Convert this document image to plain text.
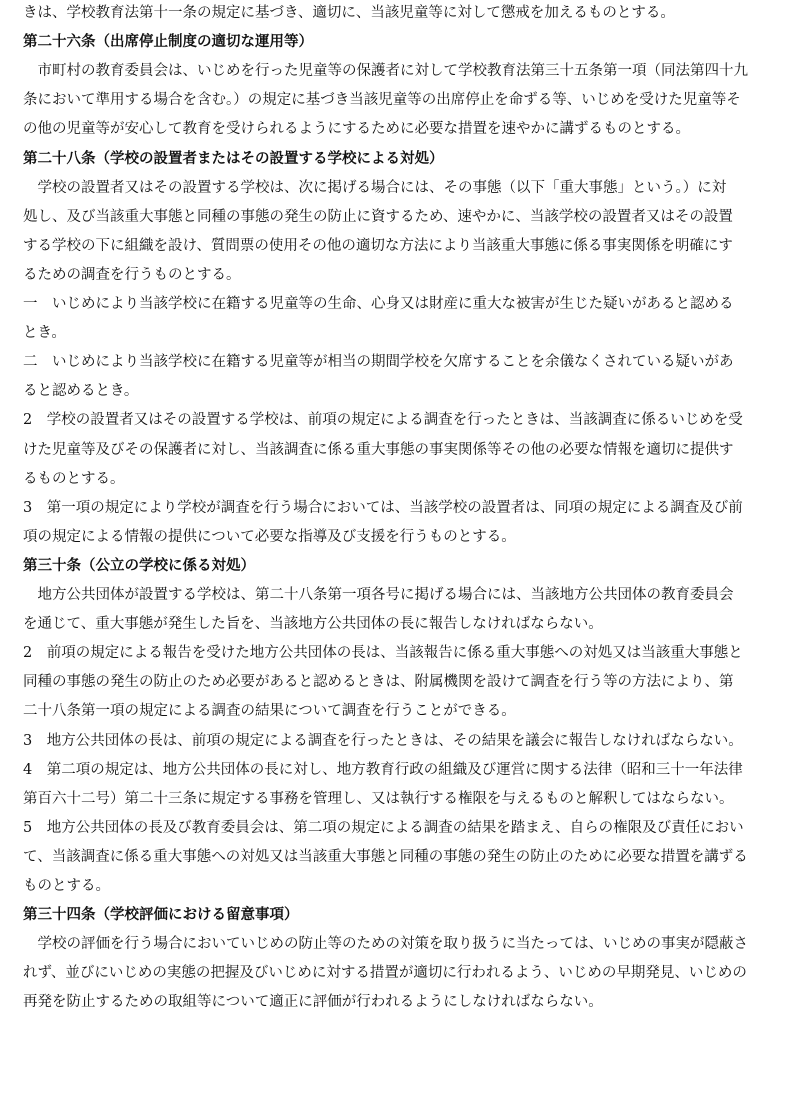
きは、学校教育法第十一条の規定に基づき、適切に、当該児童等に対して懲戒を加えるものとする。
第二十六条（出席停止制度の適切な運用等）
　市町村の教育委員会は、いじめを行った児童等の保護者に対して学校教育法第三十五条第一項（同法第四十九
条において準用する場合を含む。）の規定に基づき当該児童等の出席停止を命ずる等、いじめを受けた児童等そ
の他の児童等が安心して教育を受けられるようにするために必要な措置を速やかに講ずるものとする。
第二十八条（学校の設置者またはその設置する学校による対処）
　学校の設置者又はその設置する学校は、次に掲げる場合には、その事態（以下「重大事態」という。）に対
処し、及び当該重大事態と同種の事態の発生の防止に資するため、速やかに、当該学校の設置者又はその設置
する学校の下に組織を設け、質問票の使用その他の適切な方法により当該重大事態に係る事実関係を明確にす
るための調査を行うものとする。
一　いじめにより当該学校に在籍する児童等の生命、心身又は財産に重大な被害が生じた疑いがあると認める
とき。
二　いじめにより当該学校に在籍する児童等が相当の期間学校を欠席することを余儀なくされている疑いがあ
ると認めるとき。
2　学校の設置者又はその設置する学校は、前項の規定による調査を行ったときは、当該調査に係るいじめを受
けた児童等及びその保護者に対し、当該調査に係る重大事態の事実関係等その他の必要な情報を適切に提供す
るものとする。
3　第一項の規定により学校が調査を行う場合においては、当該学校の設置者は、同項の規定による調査及び前
項の規定による情報の提供について必要な指導及び支援を行うものとする。
第三十条（公立の学校に係る対処）
　地方公共団体が設置する学校は、第二十八条第一項各号に掲げる場合には、当該地方公共団体の教育委員会
を通じて、重大事態が発生した旨を、当該地方公共団体の長に報告しなければならない。
2　前項の規定による報告を受けた地方公共団体の長は、当該報告に係る重大事態への対処又は当該重大事態と
同種の事態の発生の防止のため必要があると認めるときは、附属機関を設けて調査を行う等の方法により、第
二十八条第一項の規定による調査の結果について調査を行うことができる。
3　地方公共団体の長は、前項の規定による調査を行ったときは、その結果を議会に報告しなければならない。
4　第二項の規定は、地方公共団体の長に対し、地方教育行政の組織及び運営に関する法律（昭和三十一年法律
第百六十二号）第二十三条に規定する事務を管理し、又は執行する権限を与えるものと解釈してはならない。
5　地方公共団体の長及び教育委員会は、第二項の規定による調査の結果を踏まえ、自らの権限及び責任におい
て、当該調査に係る重大事態への対処又は当該重大事態と同種の事態の発生の防止のために必要な措置を講ずる
ものとする。
第三十四条（学校評価における留意事項）
　学校の評価を行う場合においていじめの防止等のための対策を取り扱うに当たっては、いじめの事実が隠蔽さ
れず、並びにいじめの実態の把握及びいじめに対する措置が適切に行われるよう、いじめの早期発見、いじめの
再発を防止するための取組等について適正に評価が行われるようにしなければならない。
